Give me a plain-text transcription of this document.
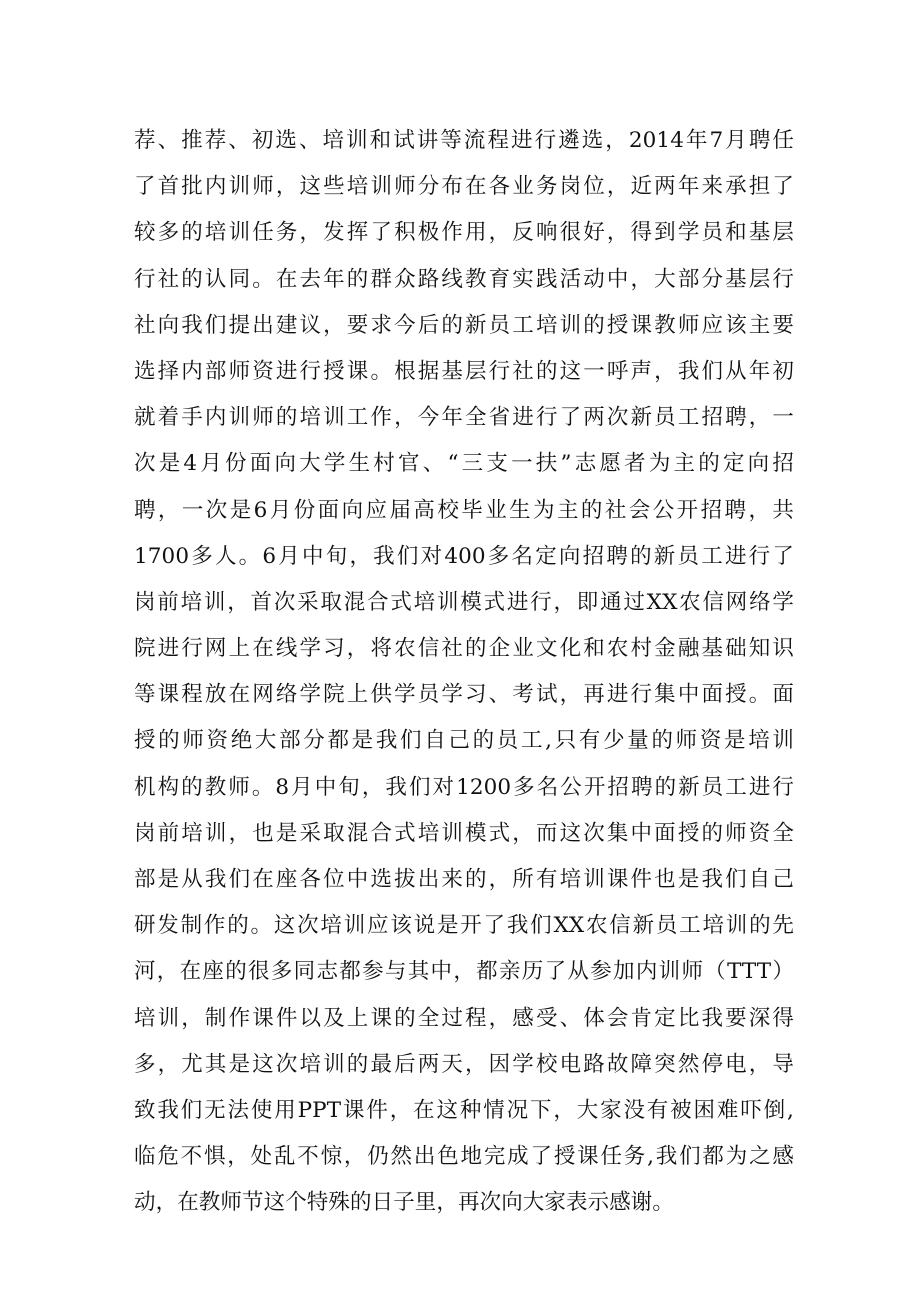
荐、推荐、初选、培训和试讲等流程进行遴选，2014年7月聘任
了首批内训师，这些培训师分布在各业务岗位，近两年来承担了
较多的培训任务，发挥了积极作用，反响很好，得到学员和基层
行社的认同。在去年的群众路线教育实践活动中，大部分基层行
社向我们提出建议，要求今后的新员工培训的授课教师应该主要
选择内部师资进行授课。根据基层行社的这一呼声，我们从年初
就着手内训师的培训工作，今年全省进行了两次新员工招聘，一
次是4月份面向大学生村官、“三支一扶”志愿者为主的定向招
聘，一次是6月份面向应届高校毕业生为主的社会公开招聘，共
1700多人。6月中旬，我们对400多名定向招聘的新员工进行了
岗前培训，首次采取混合式培训模式进行，即通过XX农信网络学
院进行网上在线学习，将农信社的企业文化和农村金融基础知识
等课程放在网络学院上供学员学习、考试，再进行集中面授。面
授的师资绝大部分都是我们自己的员工,只有少量的师资是培训
机构的教师。8月中旬，我们对1200多名公开招聘的新员工进行
岗前培训，也是采取混合式培训模式，而这次集中面授的师资全
部是从我们在座各位中选拔出来的，所有培训课件也是我们自己
研发制作的。这次培训应该说是开了我们XX农信新员工培训的先
河，在座的很多同志都参与其中，都亲历了从参加内训师（TTT）
培训，制作课件以及上课的全过程，感受、体会肯定比我要深得
多，尤其是这次培训的最后两天，因学校电路故障突然停电，导
致我们无法使用PPT课件，在这种情况下，大家没有被困难吓倒,
临危不惧，处乱不惊，仍然出色地完成了授课任务,我们都为之感
动，在教师节这个特殊的日子里，再次向大家表示感谢。
